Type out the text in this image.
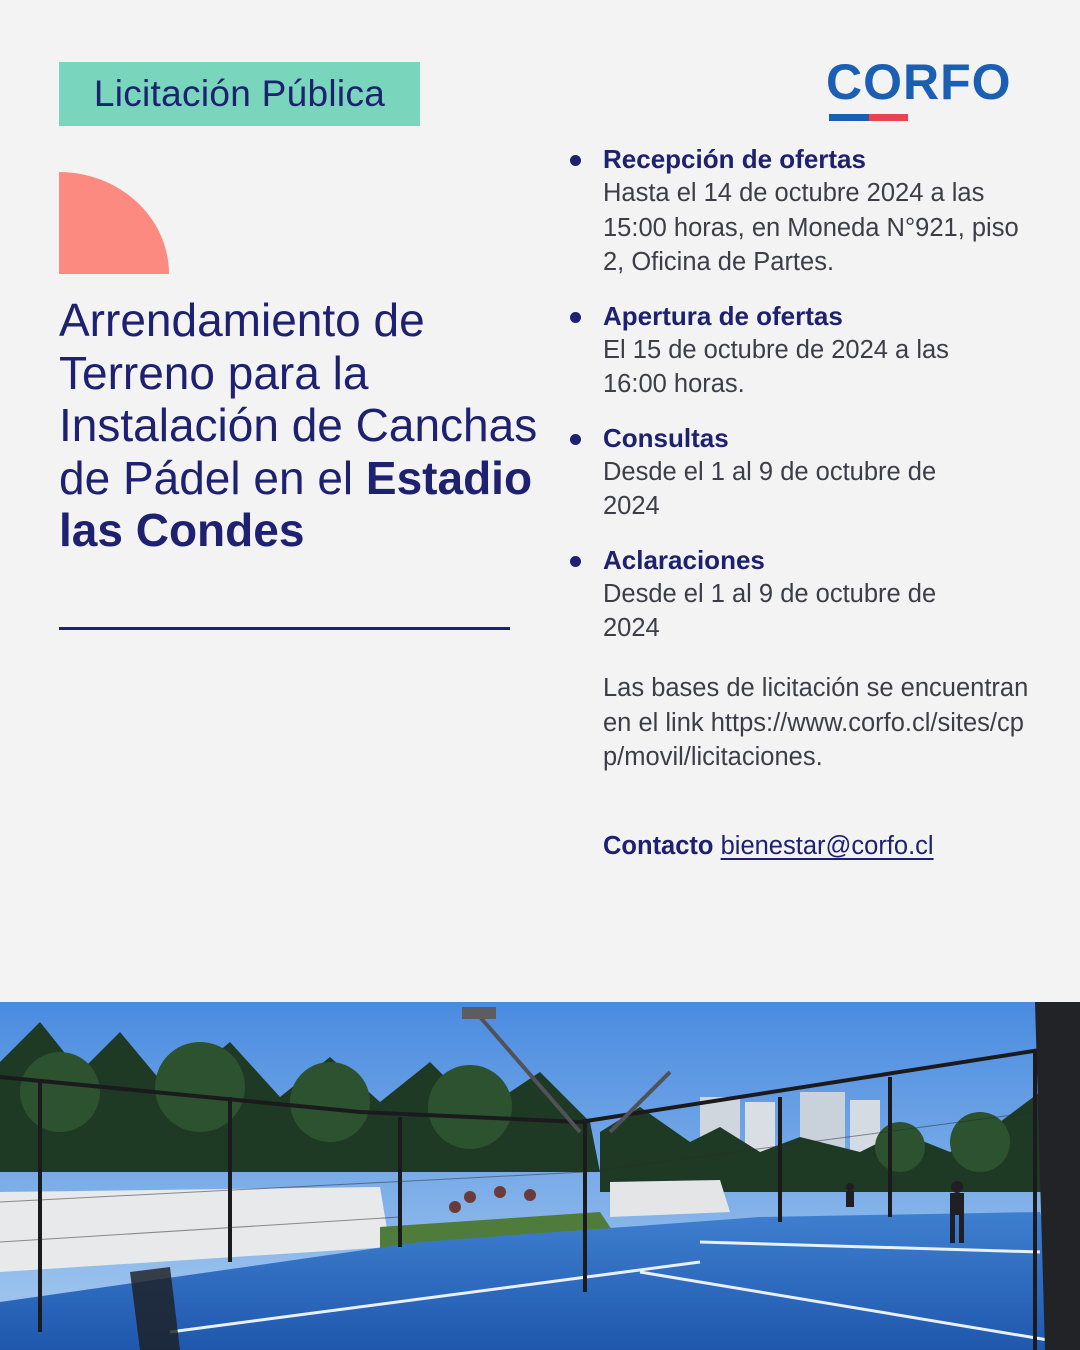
Licitación Pública	CORFO
Arrendamiento de Terreno para la Instalación de Canchas de Pádel en el Estadio las Condes
Recepción de ofertas
Hasta el 14 de octubre 2024 a las 15:00 horas, en Moneda N°921, piso 2, Oficina de Partes.
Apertura de ofertas
El 15 de octubre de 2024 a las 16:00 horas.
Consultas
Desde el 1 al 9 de octubre de 2024
Aclaraciones
Desde el 1 al 9 de octubre de 2024

Las bases de licitación se encuentran en el link https://www.corfo.cl/sites/cpp/movil/licitaciones.

Contacto bienestar@corfo.cl
